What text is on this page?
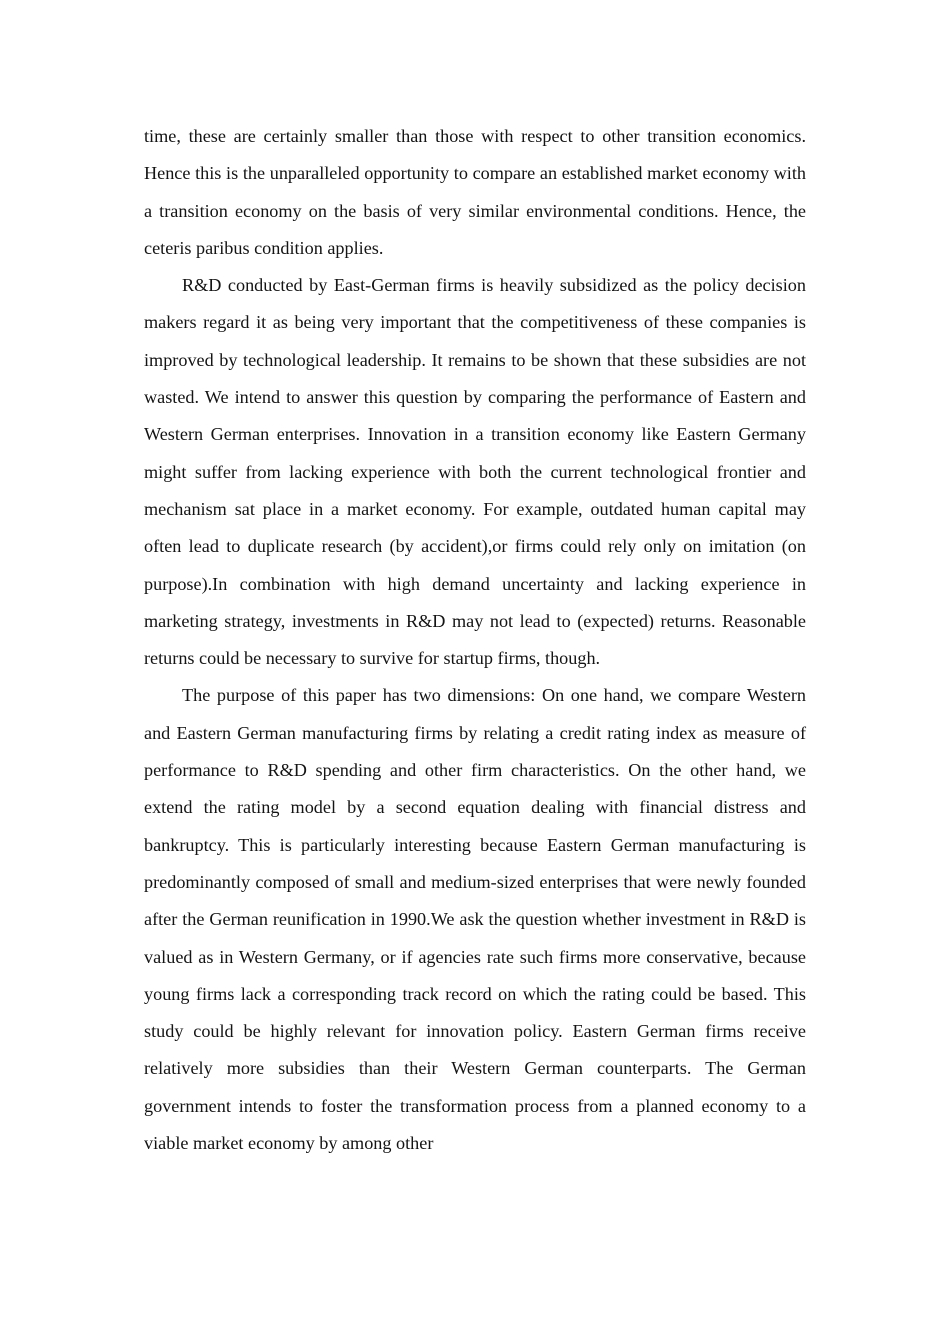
time, these are certainly smaller than those with respect to other transition economics. Hence this is the unparalleled opportunity to compare an established market economy with a transition economy on the basis of very similar environmental conditions. Hence, the ceteris paribus condition applies.

R&D conducted by East-German firms is heavily subsidized as the policy decision makers regard it as being very important that the competitiveness of these companies is improved by technological leadership. It remains to be shown that these subsidies are not wasted. We intend to answer this question by comparing the performance of Eastern and Western German enterprises. Innovation in a transition economy like Eastern Germany might suffer from lacking experience with both the current technological frontier and mechanism sat place in a market economy. For example, outdated human capital may often lead to duplicate research (by accident),or firms could rely only on imitation (on purpose).In combination with high demand uncertainty and lacking experience in marketing strategy, investments in R&D may not lead to (expected) returns. Reasonable returns could be necessary to survive for startup firms, though.

The purpose of this paper has two dimensions: On one hand, we compare Western and Eastern German manufacturing firms by relating a credit rating index as measure of performance to R&D spending and other firm characteristics. On the other hand, we extend the rating model by a second equation dealing with financial distress and bankruptcy. This is particularly interesting because Eastern German manufacturing is predominantly composed of small and medium-sized enterprises that were newly founded after the German reunification in 1990.We ask the question whether investment in R&D is valued as in Western Germany, or if agencies rate such firms more conservative, because young firms lack a corresponding track record on which the rating could be based. This study could be highly relevant for innovation policy. Eastern German firms receive relatively more subsidies than their Western German counterparts. The German government intends to foster the transformation process from a planned economy to a viable market economy by among other
